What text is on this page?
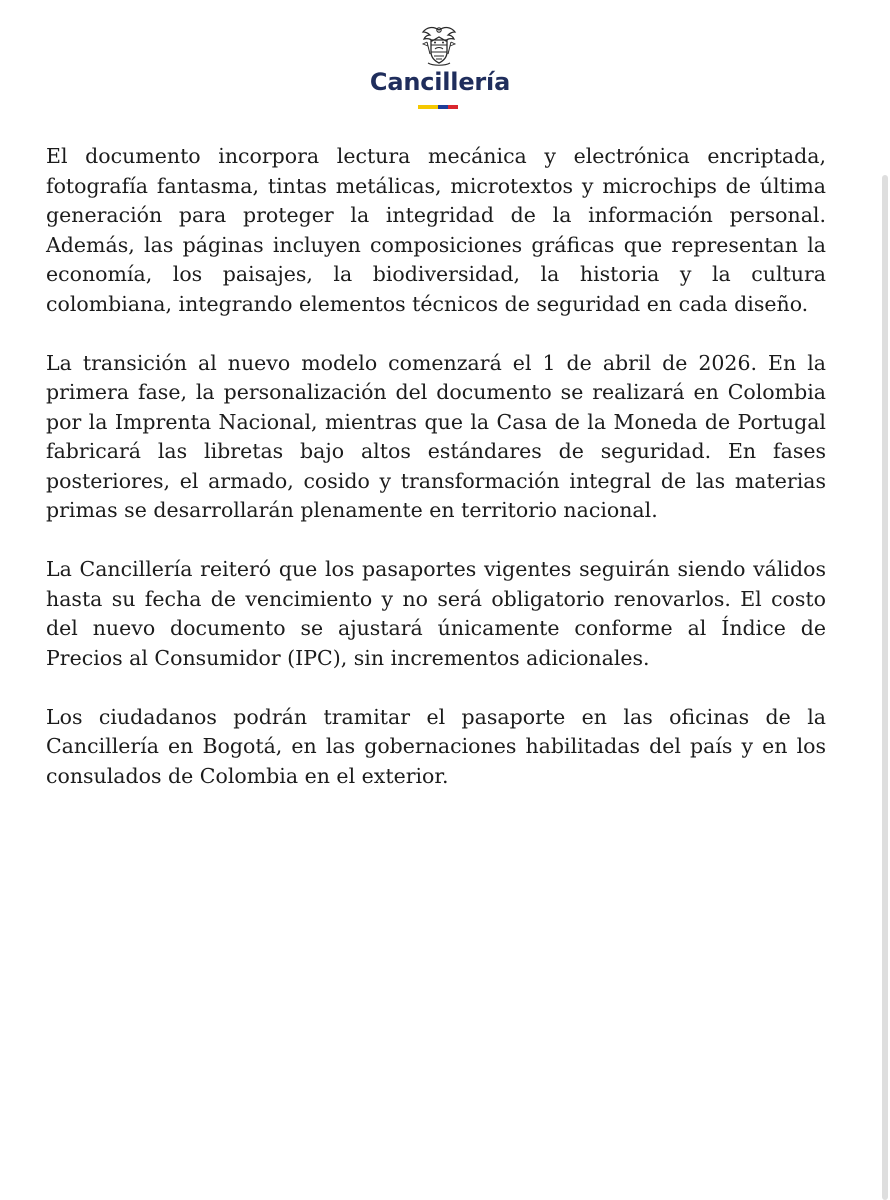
Cancillería

El documento incorpora lectura mecánica y electrónica encriptada, fotografía fantasma, tintas metálicas, microtextos y microchips de última generación para proteger la integridad de la información personal. Además, las páginas incluyen composiciones gráficas que representan la economía, los paisajes, la biodiversidad, la historia y la cultura colombiana, integrando elementos técnicos de seguridad en cada diseño.

La transición al nuevo modelo comenzará el 1 de abril de 2026. En la primera fase, la personalización del documento se realizará en Colombia por la Imprenta Nacional, mientras que la Casa de la Moneda de Portugal fabricará las libretas bajo altos estándares de seguridad. En fases posteriores, el armado, cosido y transformación integral de las materias primas se desarrollarán plenamente en territorio nacional.

La Cancillería reiteró que los pasaportes vigentes seguirán siendo válidos hasta su fecha de vencimiento y no será obligatorio renovarlos. El costo del nuevo documento se ajustará únicamente conforme al Índice de Precios al Consumidor (IPC), sin incrementos adicionales.

Los ciudadanos podrán tramitar el pasaporte en las oficinas de la Cancillería en Bogotá, en las gobernaciones habilitadas del país y en los consulados de Colombia en el exterior.
